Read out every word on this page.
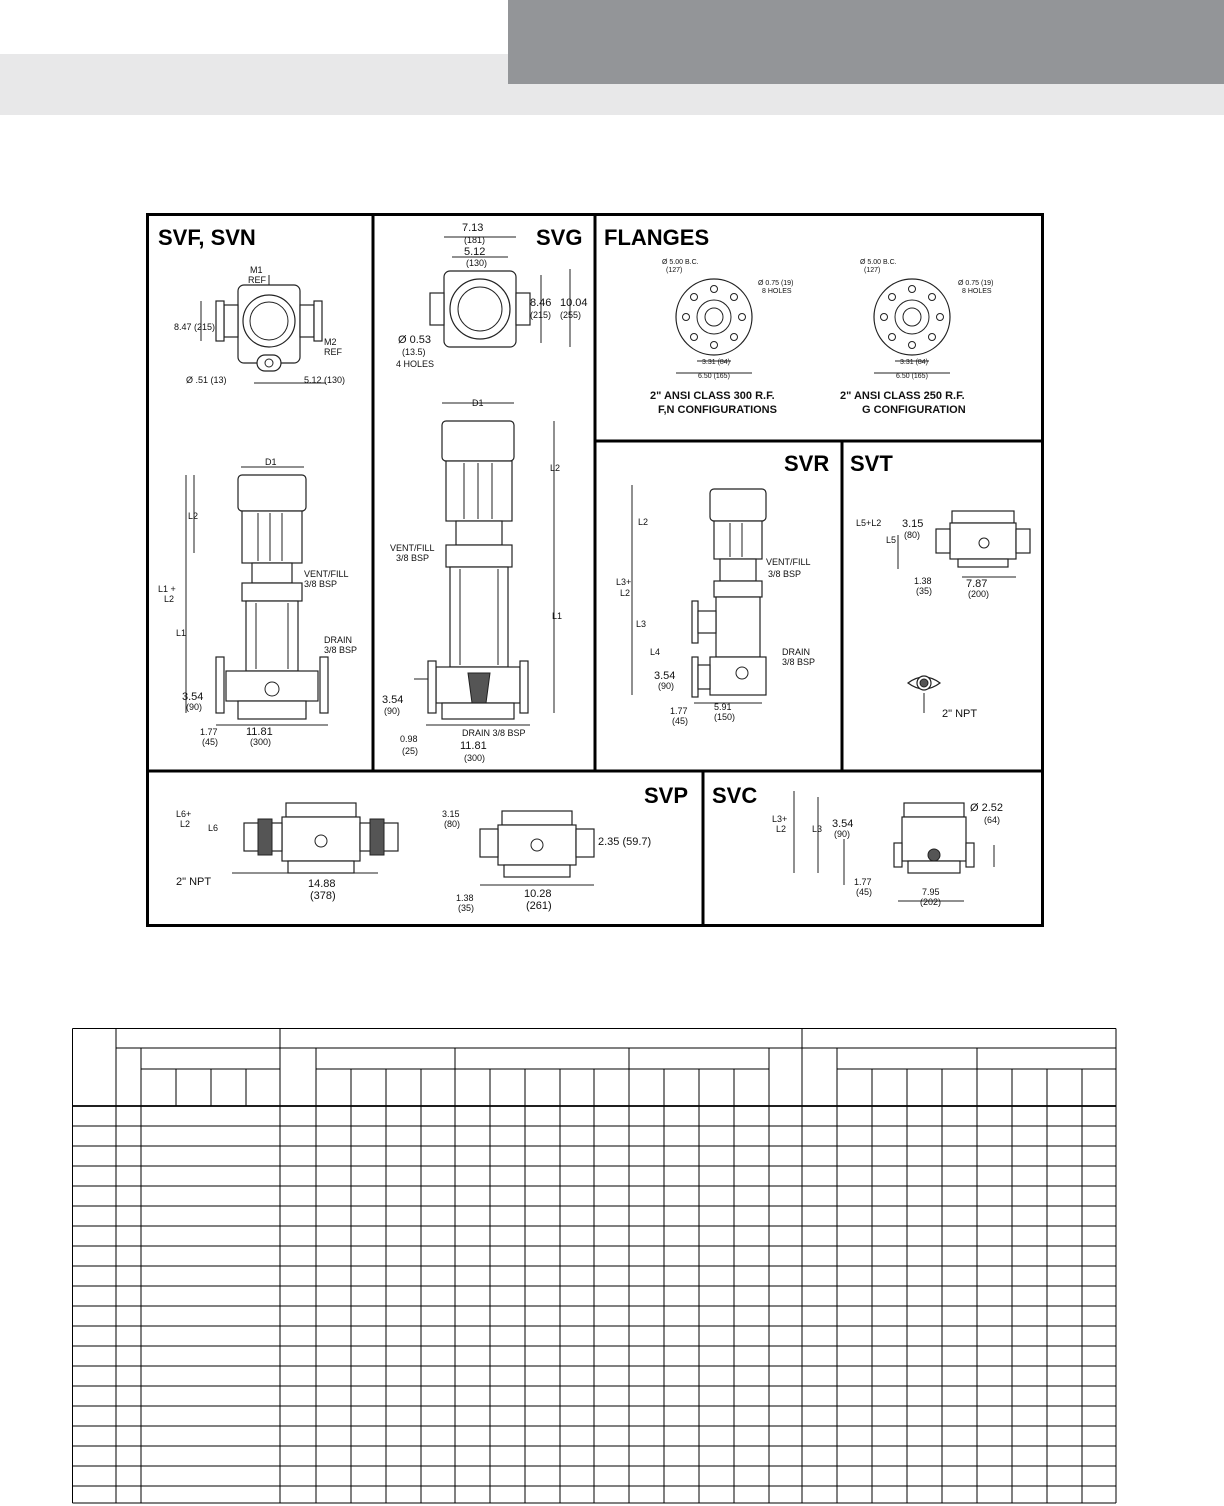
SVF, SVN
M1
REF
8.47 (215)
M2
REF
Ø .51 (13)	5.12 (130)
D1
L2
L1 +
L2
L1
VENT/FILL
3/8 BSP
DRAIN
3/8 BSP
3.54
(90)
1.77
(45)
11.81
(300)
SVG
7.13
(181)
5.12
(130)
8.46
(215)
10.04
(255)
Ø 0.53
(13.5)
4 HOLES
D1
L2
L1
VENT/FILL
3/8 BSP
3.54
(90)
DRAIN 3/8 BSP
0.98
(25)	11.81
(300)
FLANGES
Ø 5.00 B.C.
(127)
Ø 0.75 (19)
8 HOLES
3.31 (84)
6.50 (165)
Ø 5.00 B.C.
(127)
Ø 0.75 (19)
8 HOLES
3.31 (84)
6.50 (165)
2" ANSI CLASS 300 R.F.
F,N CONFIGURATIONS
2" ANSI CLASS 250 R.F.
G CONFIGURATION
SVR
L2
L3+
L2
L3
L4
VENT/FILL
3/8 BSP
DRAIN
3/8 BSP
3.54
(90)
1.77
(45)
5.91
(150)
SVT
L5+L2
L5
3.15
(80)
1.38
(35)
7.87
(200)
2" NPT
SVP
L6+
L2 L6
2" NPT	14.88
(378)
3.15
(80)
2.35 (59.7)
1.38
(35)
10.28
(261)
SVC
L3+
L2	L3 3.54
(90)
Ø 2.52
(64)
1.77
(45)	7.95
(202)
